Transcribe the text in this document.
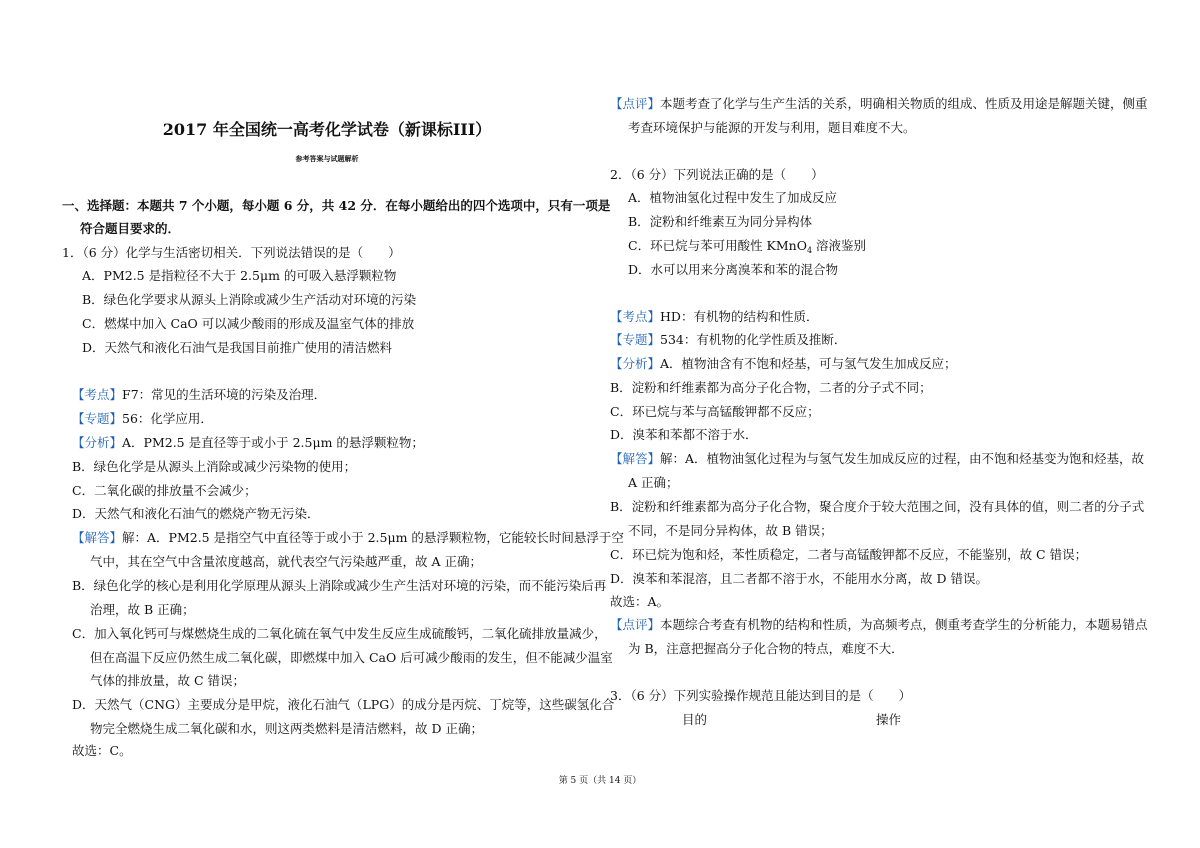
2017 年全国统一高考化学试卷（新课标III）
参考答案与试题解析
一、选择题：本题共 7 个小题，每小题 6 分，共 42 分．在每小题给出的四个选项中，只有一项是
符合题目要求的．
1．（6 分）化学与生活密切相关．下列说法错误的是（　　）
A．PM2.5 是指粒径不大于 2.5μm 的可吸入悬浮颗粒物
B．绿色化学要求从源头上消除或减少生产活动对环境的污染
C．燃煤中加入 CaO 可以减少酸雨的形成及温室气体的排放
D．天然气和液化石油气是我国目前推广使用的清洁燃料
【考点】F7：常见的生活环境的污染及治理．
【专题】56：化学应用．
【分析】A．PM2.5 是直径等于或小于 2.5μm 的悬浮颗粒物；
B．绿色化学是从源头上消除或减少污染物的使用；
C．二氧化碳的排放量不会减少；
D．天然气和液化石油气的燃烧产物无污染．
【解答】解：A．PM2.5 是指空气中直径等于或小于 2.5μm 的悬浮颗粒物，它能较长时间悬浮于空
气中，其在空气中含量浓度越高，就代表空气污染越严重，故 A 正确；
B．绿色化学的核心是利用化学原理从源头上消除或减少生产生活对环境的污染，而不能污染后再
治理，故 B 正确；
C．加入氧化钙可与煤燃烧生成的二氧化硫在氧气中发生反应生成硫酸钙，二氧化硫排放量减少，
但在高温下反应仍然生成二氧化碳，即燃煤中加入 CaO 后可减少酸雨的发生，但不能减少温室
气体的排放量，故 C 错误；
D．天然气（CNG）主要成分是甲烷，液化石油气（LPG）的成分是丙烷、丁烷等，这些碳氢化合
物完全燃烧生成二氧化碳和水，则这两类燃料是清洁燃料，故 D 正确；
故选：C。
【点评】本题考查了化学与生产生活的关系，明确相关物质的组成、性质及用途是解题关键，侧重
考查环境保护与能源的开发与利用，题目难度不大。
2．（6 分）下列说法正确的是（　　）
A．植物油氢化过程中发生了加成反应
B．淀粉和纤维素互为同分异构体
C．环已烷与苯可用酸性 KMnO$_4$ 溶液鉴别
D．水可以用来分离溴苯和苯的混合物
【考点】HD：有机物的结构和性质．
【专题】534：有机物的化学性质及推断．
【分析】A．植物油含有不饱和烃基，可与氢气发生加成反应；
B．淀粉和纤维素都为高分子化合物，二者的分子式不同；
C．环已烷与苯与高锰酸钾都不反应；
D．溴苯和苯都不溶于水．
【解答】解：A．植物油氢化过程为与氢气发生加成反应的过程，由不饱和烃基变为饱和烃基，故
A 正确；
B．淀粉和纤维素都为高分子化合物，聚合度介于较大范围之间，没有具体的值，则二者的分子式
不同，不是同分异构体，故 B 错误；
C．环已烷为饱和烃，苯性质稳定，二者与高锰酸钾都不反应，不能鉴别，故 C 错误；
D．溴苯和苯混溶，且二者都不溶于水，不能用水分离，故 D 错误。
故选：A。
【点评】本题综合考查有机物的结构和性质，为高频考点，侧重考查学生的分析能力，本题易错点
为 B，注意把握高分子化合物的特点，难度不大．
3．（6 分）下列实验操作规范且能达到目的是（　　）
目的	操作
第 5 页（共 14 页）
